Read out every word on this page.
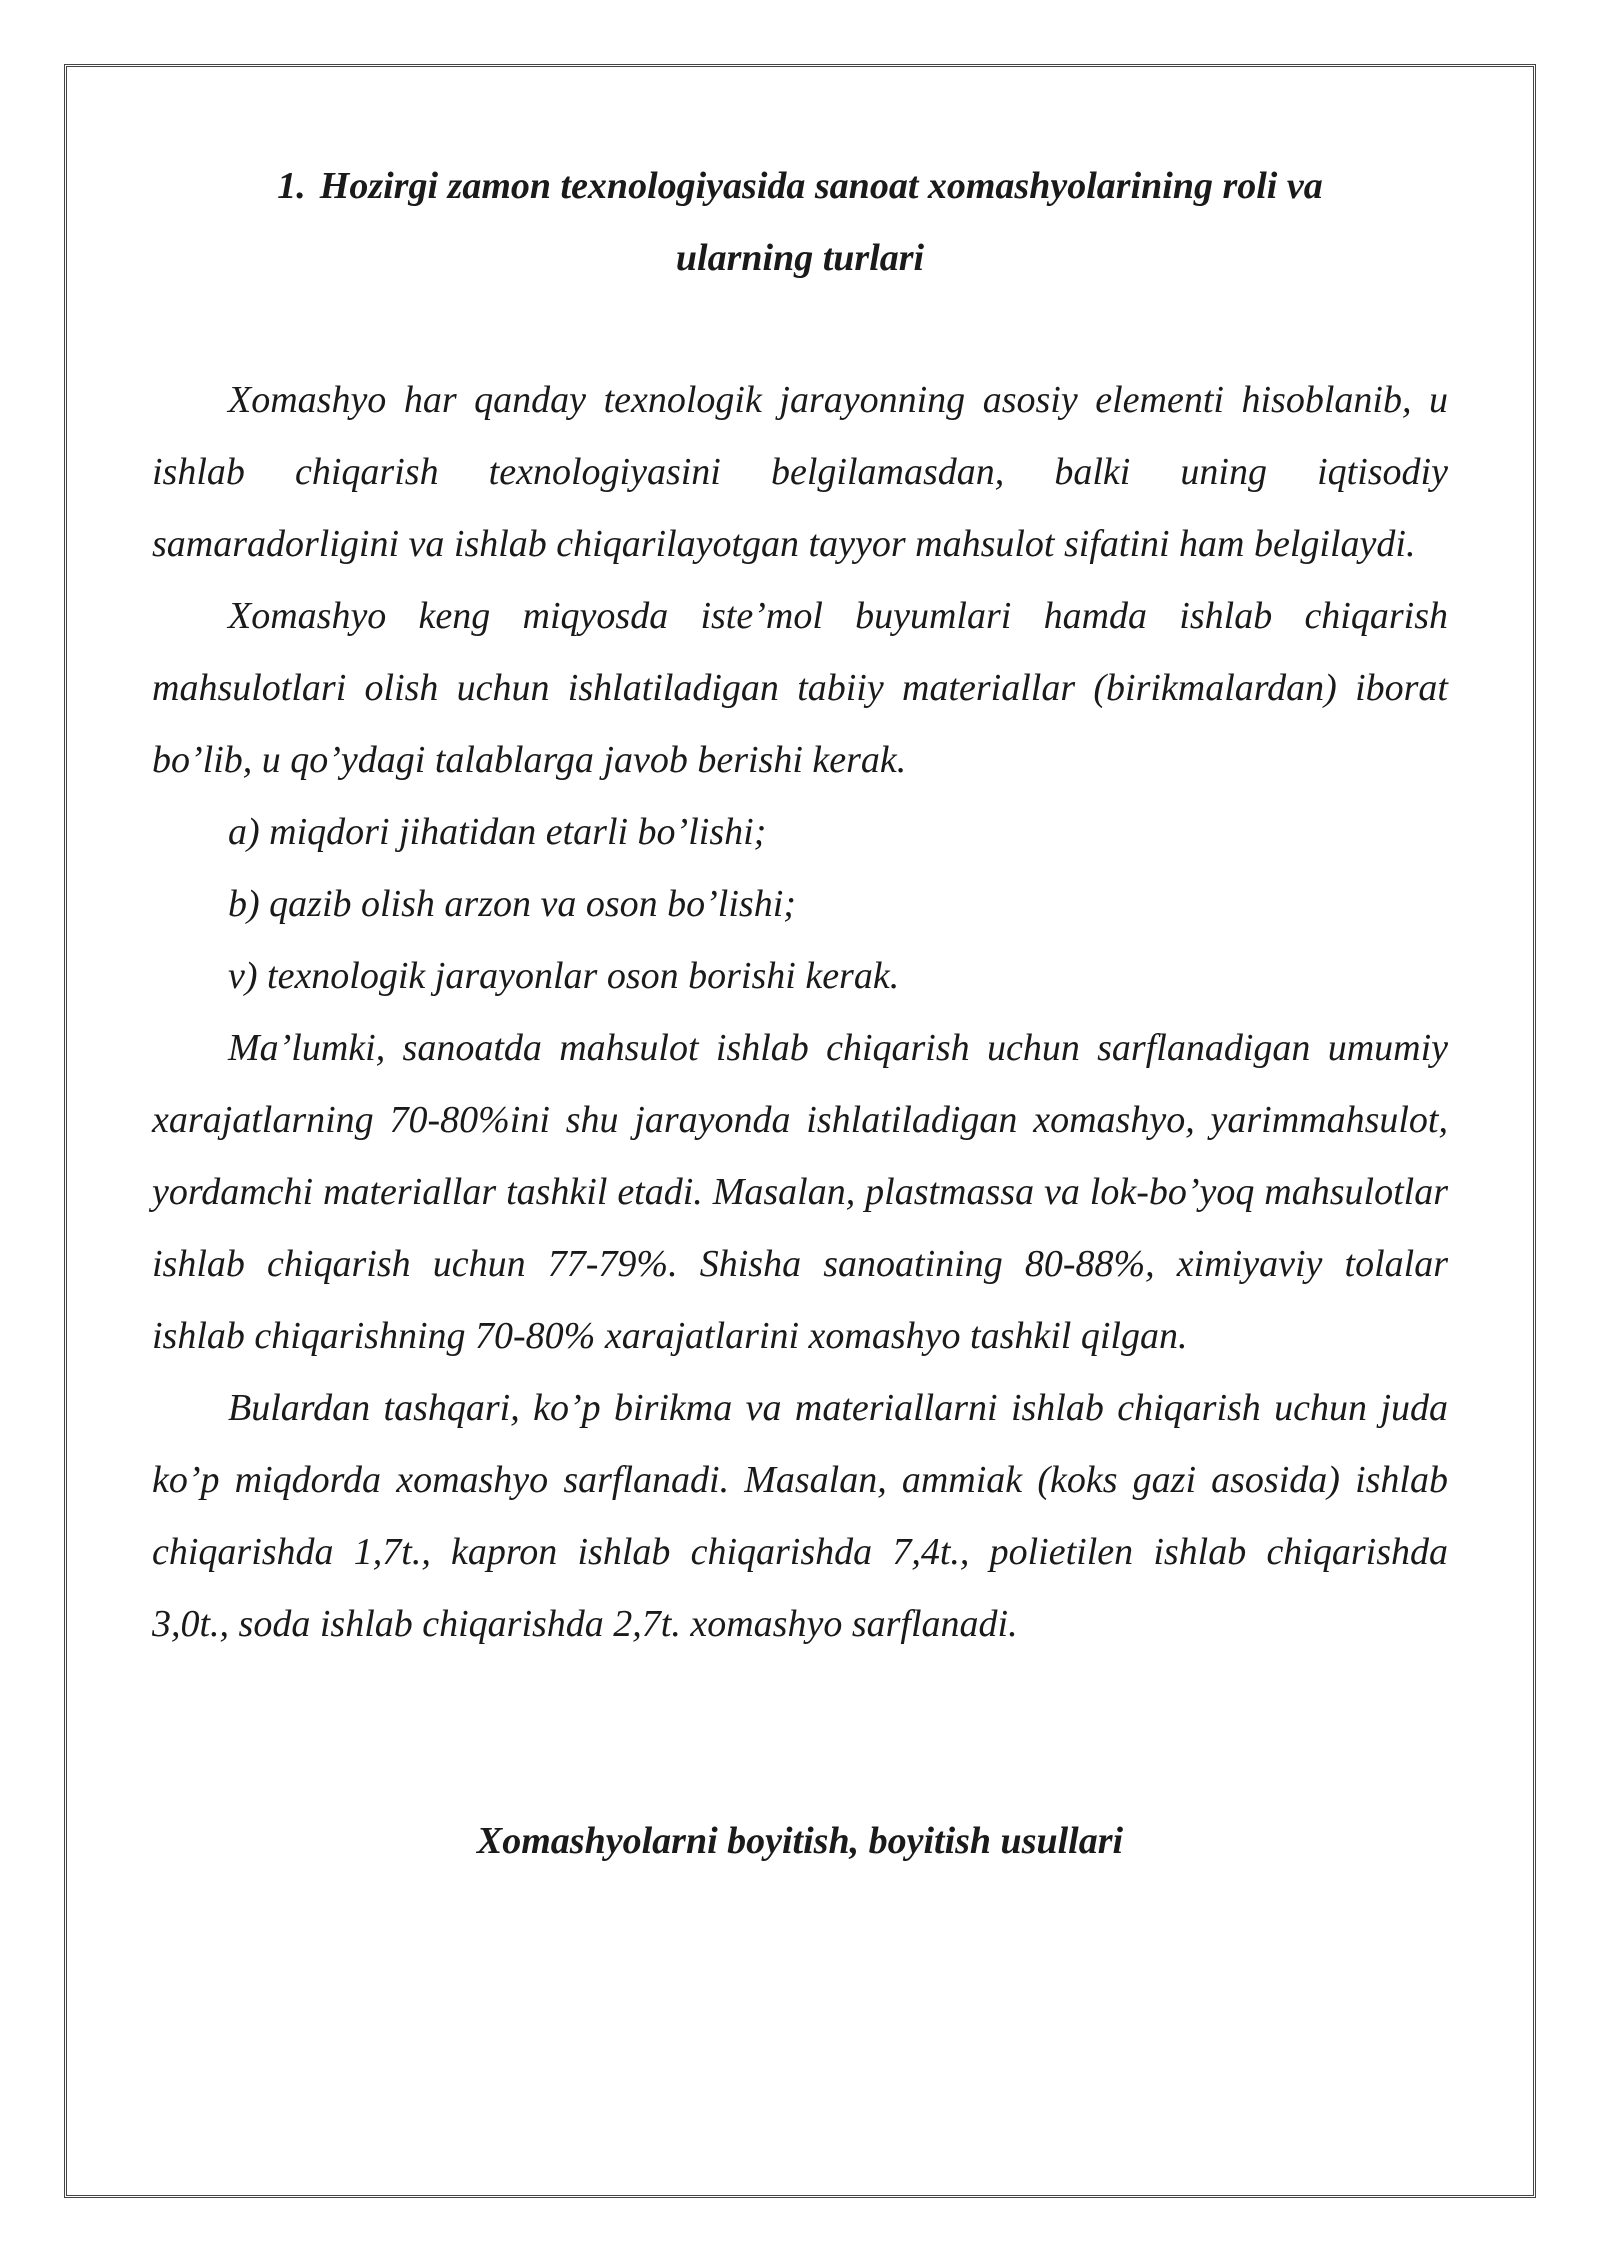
1. Hozirgi zamon texnologiyasida sanoat xomashyolarining roli va
ularning turlari

Xomashyo har qanday texnologik jarayonning asosiy elementi hisoblanib, u ishlab chiqarish texnologiyasini belgilamasdan, balki uning iqtisodiy samaradorligini va ishlab chiqarilayotgan tayyor mahsulot sifatini ham belgilaydi.

Xomashyo keng miqyosda iste’mol buyumlari hamda ishlab chiqarish mahsulotlari olish uchun ishlatiladigan tabiiy materiallar (birikmalardan) iborat bo’lib, u qo’ydagi talablarga javob berishi kerak.

a) miqdori jihatidan etarli bo’lishi;

b) qazib olish arzon va oson bo’lishi;

v) texnologik jarayonlar oson borishi kerak.

Ma’lumki, sanoatda mahsulot ishlab chiqarish uchun sarflanadigan umumiy xarajatlarning 70-80%ini shu jarayonda ishlatiladigan xomashyo, yarimmahsulot, yordamchi materiallar tashkil etadi. Masalan, plastmassa va lok-bo’yoq mahsulotlar ishlab chiqarish uchun 77-79%. Shisha sanoatining 80-88%, ximiyaviy tolalar ishlab chiqarishning 70-80% xarajatlarini xomashyo tashkil qilgan.

Bulardan tashqari, ko’p birikma va materiallarni ishlab chiqarish uchun juda ko’p miqdorda xomashyo sarflanadi. Masalan, ammiak (koks gazi asosida) ishlab chiqarishda 1,7t., kapron ishlab chiqarishda 7,4t., polietilen ishlab chiqarishda 3,0t., soda ishlab chiqarishda 2,7t. xomashyo sarflanadi.

Xomashyolarni boyitish, boyitish usullari
